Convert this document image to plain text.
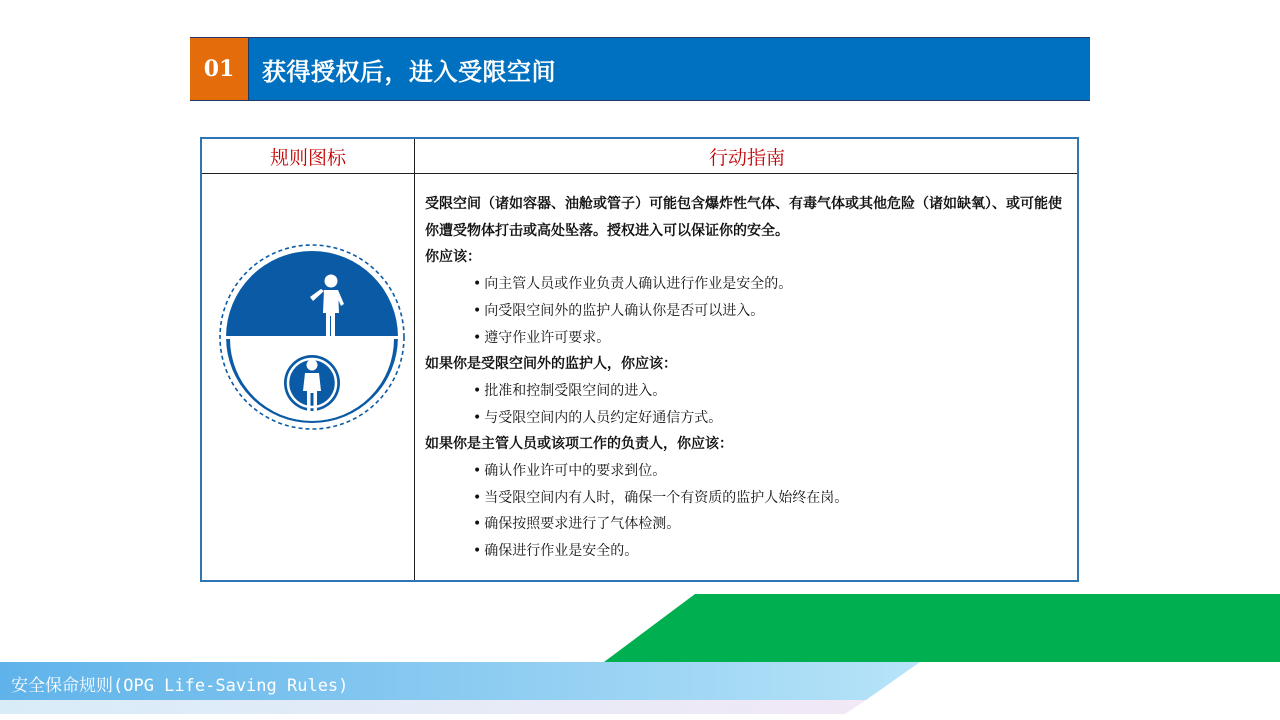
01	获得授权后，进入受限空间
规则图标	行动指南

受限空间（诸如容器、油舱或管子）可能包含爆炸性气体、有毒气体或其他危险（诸如缺氧）、或可能使你遭受物体打击或高处坠落。授权进入可以保证你的安全。

你应该：

• 向主管人员或作业负责人确认进行作业是安全的。

• 向受限空间外的监护人确认你是否可以进入。

• 遵守作业许可要求。

如果你是受限空间外的监护人，你应该：

• 批准和控制受限空间的进入。

• 与受限空间内的人员约定好通信方式。

如果你是主管人员或该项工作的负责人，你应该：

• 确认作业许可中的要求到位。

• 当受限空间内有人时，确保一个有资质的监护人始终在岗。

• 确保按照要求进行了气体检测。

• 确保进行作业是安全的。

安全保命规则(OPG Life-Saving Rules)
